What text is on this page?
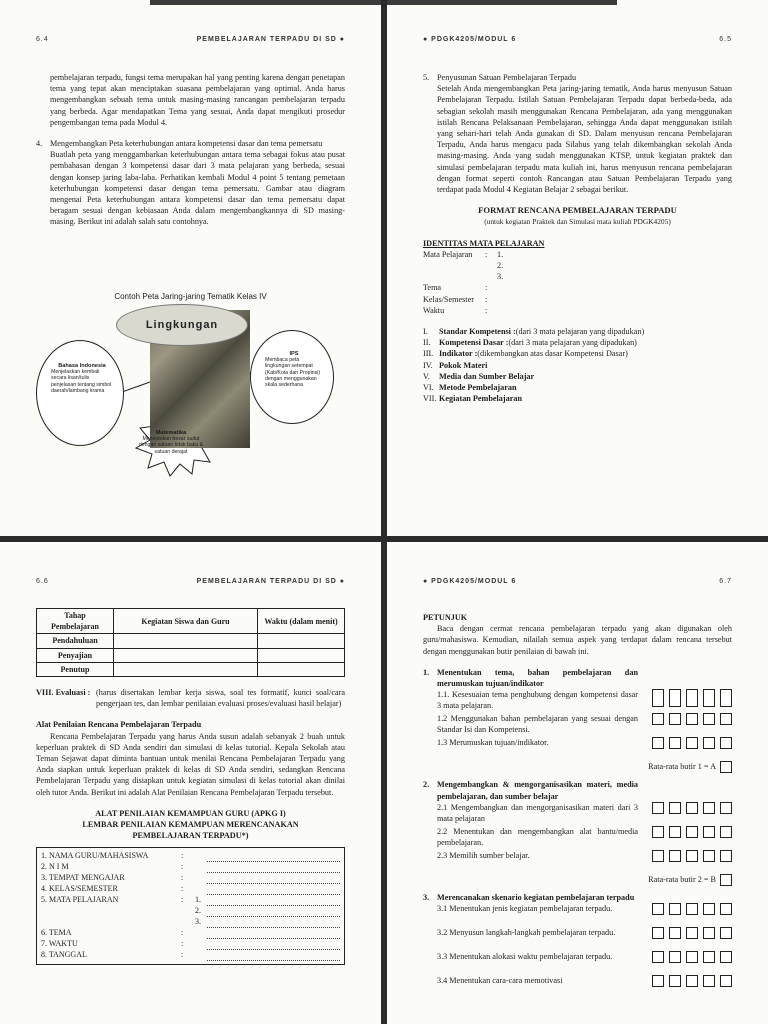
6.4	PEMBELAJARAN TERPADU DI SD ●

pembelajaran terpadu, fungsi tema merupakan hal yang penting karena dengan penetapan tema yang tepat akan menciptakan suasana pembelajaran yang optimal. Anda harus mengembangkan sebuah tema untuk masing-masing rancangan pembelajaran terpadu yang berbeda. Agar mendapatkan Tema yang sesuai, Anda dapat mengikuti prosedur pengembangan tema pada Modul 4.

4. Mengembangkan Peta keterhubungan antara kompetensi dasar dan tema pemersatu

Buatlah peta yang menggambarkan keterhubungan antara tema sebagai fokus atau pusat pembahasan dengan 3 kompetensi dasar dari 3 mata pelajaran yang berbeda, sesuai dengan konsep jaring laba-laba. Perhatikan kembali Modul 4 point 5 tentang pemetaan keterhubungan kompetensi dasar dengan tema pemersatu. Gambar atau diagram mengenai Peta keterhubungan antara kompetensi dasar dan tema pemersatu dapat beragam sesuai dengan kebiasaan Anda dalam mengembangkannya di SD masing-masing. Berikut ini adalah salah satu contohnya.

Contoh Peta Jaring-jaring Tematik Kelas IV
Lingkungan
Bahasa Indonesia
Menjelaskan kembali secara lisan/tulis penjelasan tentang simbol daerah/lambang krama
IPS
Membaca peta lingkungan setempat (Kab/Kota dan Propinsi) dengan menggunakan skala sederhana
Matematika
Menentukan besar sudut dengan satuan tidak baku & satuan derajat
● PDGK4205/MODUL 6	6.5
5. Penyusunan Satuan Pembelajaran Terpadu

Setelah Anda mengembangkan Peta jaring-jaring tematik, Anda harus menyusun Satuan Pembelajaran Terpadu. Istilah Satuan Pembelajaran Terpadu dapat berbeda-beda, ada sebagian sekolah masih menggunakan Rencana Pembelajaran, ada yang menggunakan istilah Rencana Pelaksanaan Pembelajaran, sehingga Anda dapat menggunakan istilah yang sehari-hari telah Anda gunakan di SD. Dalam menyusun rencana Pembelajaran Terpadu, Anda harus mengacu pada Silabus yang telah dikembangkan sekolah Anda masing-masing. Anda yang sudah menggunakan KTSP, untuk kegiatan praktek dan simulasi pembelajaran terpadu mata kuliah ini, harus menyusun rencana pembelajaran dengan format seperti contoh Rancangan atau Satuan Pembelajaran Terpadu yang terdapat pada Modul 4 Kegiatan Belajar 2 sebagai berikut.

FORMAT RENCANA PEMBELAJARAN TERPADU

(untuk kegiatan Praktek dan Simulasi mata kuliah PDGK4205)

IDENTITAS MATA PELAJARAN

Mata Pelajaran	:	1.
2.
3.
Tema	:
Kelas/Semester	:
Waktu	:
I.	Standar Kompetensi : (dari 3 mata pelajaran yang dipadukan)
II.	Kompetensi Dasar : (dari 3 mata pelajaran yang dipadukan)
III. Indikator : (dikembangkan atas dasar Kompetensi Dasar)
IV. Pokok Materi
V.	Media dan Sumber Belajar
VI. Metode Pembelajaran
VII. Kegiatan Pembelajaran
6.6	PEMBELAJARAN TERPADU DI SD ●
Tahap Pembelajaran	Kegiatan Siswa dan Guru	Waktu (dalam menit)
Pendahuluan		
Penyajian		
Penutup		
VIII. Evaluasi : (harus disertakan lembar kerja siswa, soal tes formatif, kunci soal/cara pengerjaan tes, dan lembar penilaian evaluasi proses/evaluasi hasil belajar)

Alat Penilaian Rencana Pembelajaran Terpadu

Rencana Pembelajaran Terpadu yang harus Anda susun adalah sebanyak 2 buah untuk keperluan praktek di SD Anda sendiri dan simulasi di kelas tutorial. Kepala Sekolah atau Teman Sejawat dapat diminta bantuan untuk menilai Rencana Pembelajaran Terpadu yang Anda siapkan untuk keperluan praktek di kelas di SD Anda sendiri, sedangkan Rencana Pembelajaran Terpadu yang disiapkan untuk kegiatan simulasi di kelas tutorial akan dinilai oleh tutor Anda. Berikut ini adalah Alat Penilaian Rencana Pembelajaran Terpadu tersebut.

ALAT PENILAIAN KEMAMPUAN GURU (APKG I)

LEMBAR PENILAIAN KEMAMPUAN MERENCANAKAN

PEMBELAJARAN TERPADU*)

1. NAMA GURU/MAHASISWA	:
2. N I M	:
3. TEMPAT MENGAJAR	:
4. KELAS/SEMESTER	:
5. MATA PELAJARAN	:	1.
2.
3.
6. TEMA	:
7. WAKTU	:
8. TANGGAL	:
● PDGK4205/MODUL 6	6.7

PETUNJUK

Baca dengan cermat rencana pembelajaran terpadu yang akan digunakan oleh guru/mahasiswa. Kemudian, nilailah semua aspek yang terdapat dalam rencana tersebut dengan menggunakan butir penilaian di bawah ini.

1. Menentukan tema, bahan pembelajaran dan merumuskan tujuan/indikator

1.1. Kesesuaian tema penghubung dengan kompetensi dasar 3 mata pelajaran.

1.2 Menggunakan bahan pembelajaran yang sesuai dengan Standar Isi dan Kompetensi.

1.3 Merumuskan tujuan/indikator.

Rata-rata butir 1 = A
2. Mengembangkan & mengorganisasikan materi, media pembelajaran, dan sumber belajar

2.1 Mengembangkan dan mengorganisasikan materi dari 3 mata pelajaran

2.2 Menentukan dan mengembangkan alat bantu/media pembelajaran.

2.3 Memilih sumber belajar.

Rata-rata butir 2 = B
3. Merencanakan skenario kegiatan pembelajaran terpadu

3.1 Menentukan jenis kegiatan pembelajaran terpadu.

3.2 Menyusun langkah-langkah pembelajaran terpadu.

3.3 Menentukan alokasi waktu pembelajaran terpadu.

3.4 Menentukan cara-cara memotivasi
